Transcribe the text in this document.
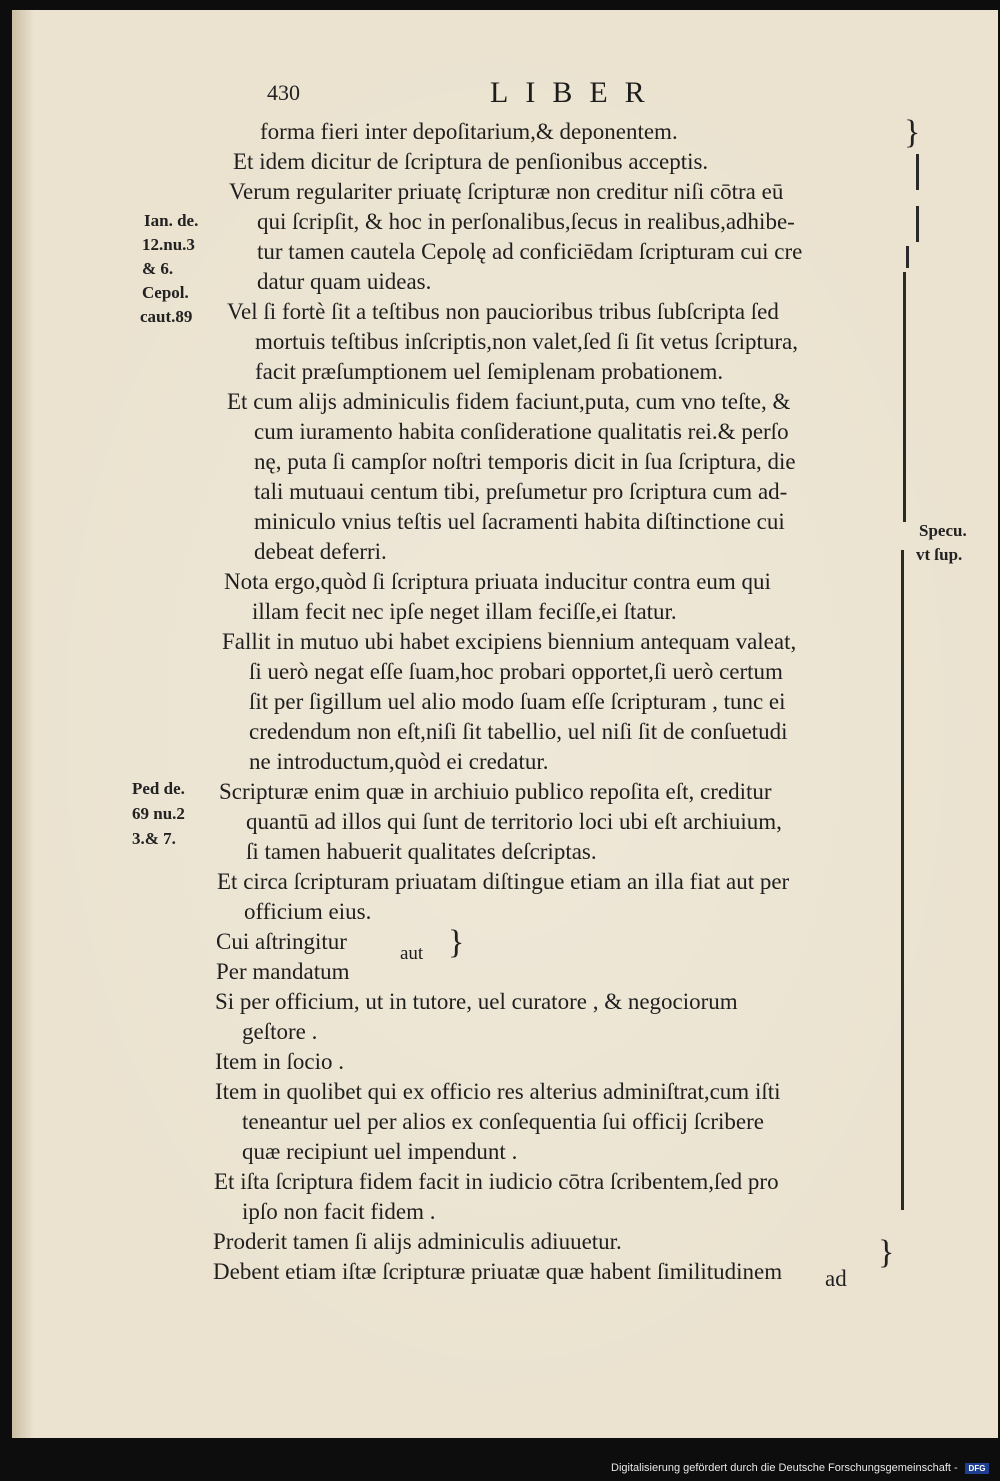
430	LIBER
forma fieri inter depoſitarium,& deponentem.
Et idem dicitur de ſcriptura de penſionibus acceptis.
Verum regulariter priuatę ſcripturæ non creditur niſi cōtra eū
qui ſcripſit, & hoc in perſonalibus,ſecus in realibus,adhibe-
tur tamen cautela Cepolę ad conficiēdam ſcripturam cui cre
datur quam uideas.
Vel ſi fortè ſit a teſtibus non paucioribus tribus ſubſcripta ſed
mortuis teſtibus inſcriptis,non valet,ſed ſi ſit vetus ſcriptura,
facit præſumptionem uel ſemiplenam probationem.
Et cum alijs adminiculis fidem faciunt,puta, cum vno teſte, &
cum iuramento habita conſideratione qualitatis rei.& perſo
nę, puta ſi campſor noſtri temporis dicit in ſua ſcriptura, die
tali mutuaui centum tibi, preſumetur pro ſcriptura cum ad-
miniculo vnius teſtis uel ſacramenti habita diſtinctione cui
debeat deferri.
Nota ergo,quòd ſi ſcriptura priuata inducitur contra eum qui
illam fecit nec ipſe neget illam feciſſe,ei ſtatur.
Fallit in mutuo ubi habet excipiens biennium antequam valeat,
ſi uerò negat eſſe ſuam,hoc probari opportet,ſi uerò certum
ſit per ſigillum uel alio modo ſuam eſſe ſcripturam , tunc ei
credendum non eſt,niſi ſit tabellio, uel niſi ſit de conſuetudi
ne introductum,quòd ei credatur.
Scripturæ enim quæ in archiuio publico repoſita eſt, creditur
quantū ad illos qui ſunt de territorio loci ubi eſt archiuium,
ſi tamen habuerit qualitates deſcriptas.
Et circa ſcripturam priuatam diſtingue etiam an illa fiat aut per
officium eius.
Cui aſtringitur
Per mandatum
aut }
Si per officium, ut in tutore, uel curatore , & negociorum
geſtore .
Item in ſocio .
Item in quolibet qui ex officio res alterius adminiſtrat,cum iſti
teneantur uel per alios ex conſequentia ſui officij ſcribere
quæ recipiunt uel impendunt .
Et iſta ſcriptura fidem facit in iudicio cōtra ſcribentem,ſed pro
ipſo non facit fidem .
Proderit tamen ſi alijs adminiculis adiuuetur.
Debent etiam iſtæ ſcripturæ priuatæ quæ habent ſimilitudinem ad
Ian. de.
12.nu.3
& 6.
Cepol.
caut.89
Ped de.
69 nu.2
3.& 7.
Specu.
vt ſup.
}
}
Digitalisierung gefördert durch die Deutsche Forschungsgemeinschaft -	DFG
